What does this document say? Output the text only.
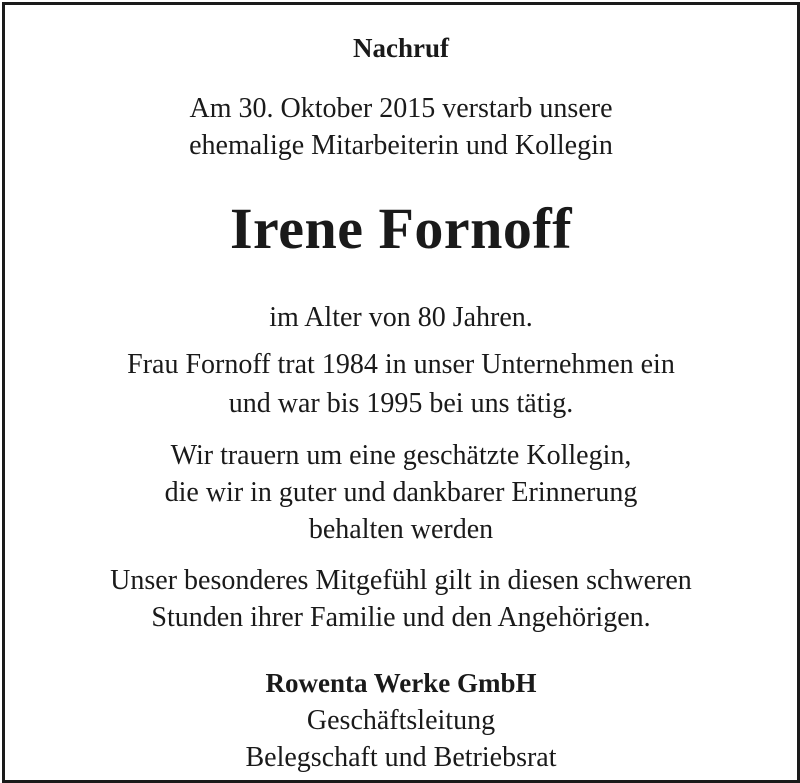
Nachruf
Am 30. Oktober 2015 verstarb unsere
ehemalige Mitarbeiterin und Kollegin
Irene Fornoff
im Alter von 80 Jahren.
Frau Fornoff trat 1984 in unser Unternehmen ein
und war bis 1995 bei uns tätig.
Wir trauern um eine geschätzte Kollegin,
die wir in guter und dankbarer Erinnerung
behalten werden
Unser besonderes Mitgefühl gilt in diesen schweren
Stunden ihrer Familie und den Angehörigen.
Rowenta Werke GmbH
Geschäftsleitung
Belegschaft und Betriebsrat
